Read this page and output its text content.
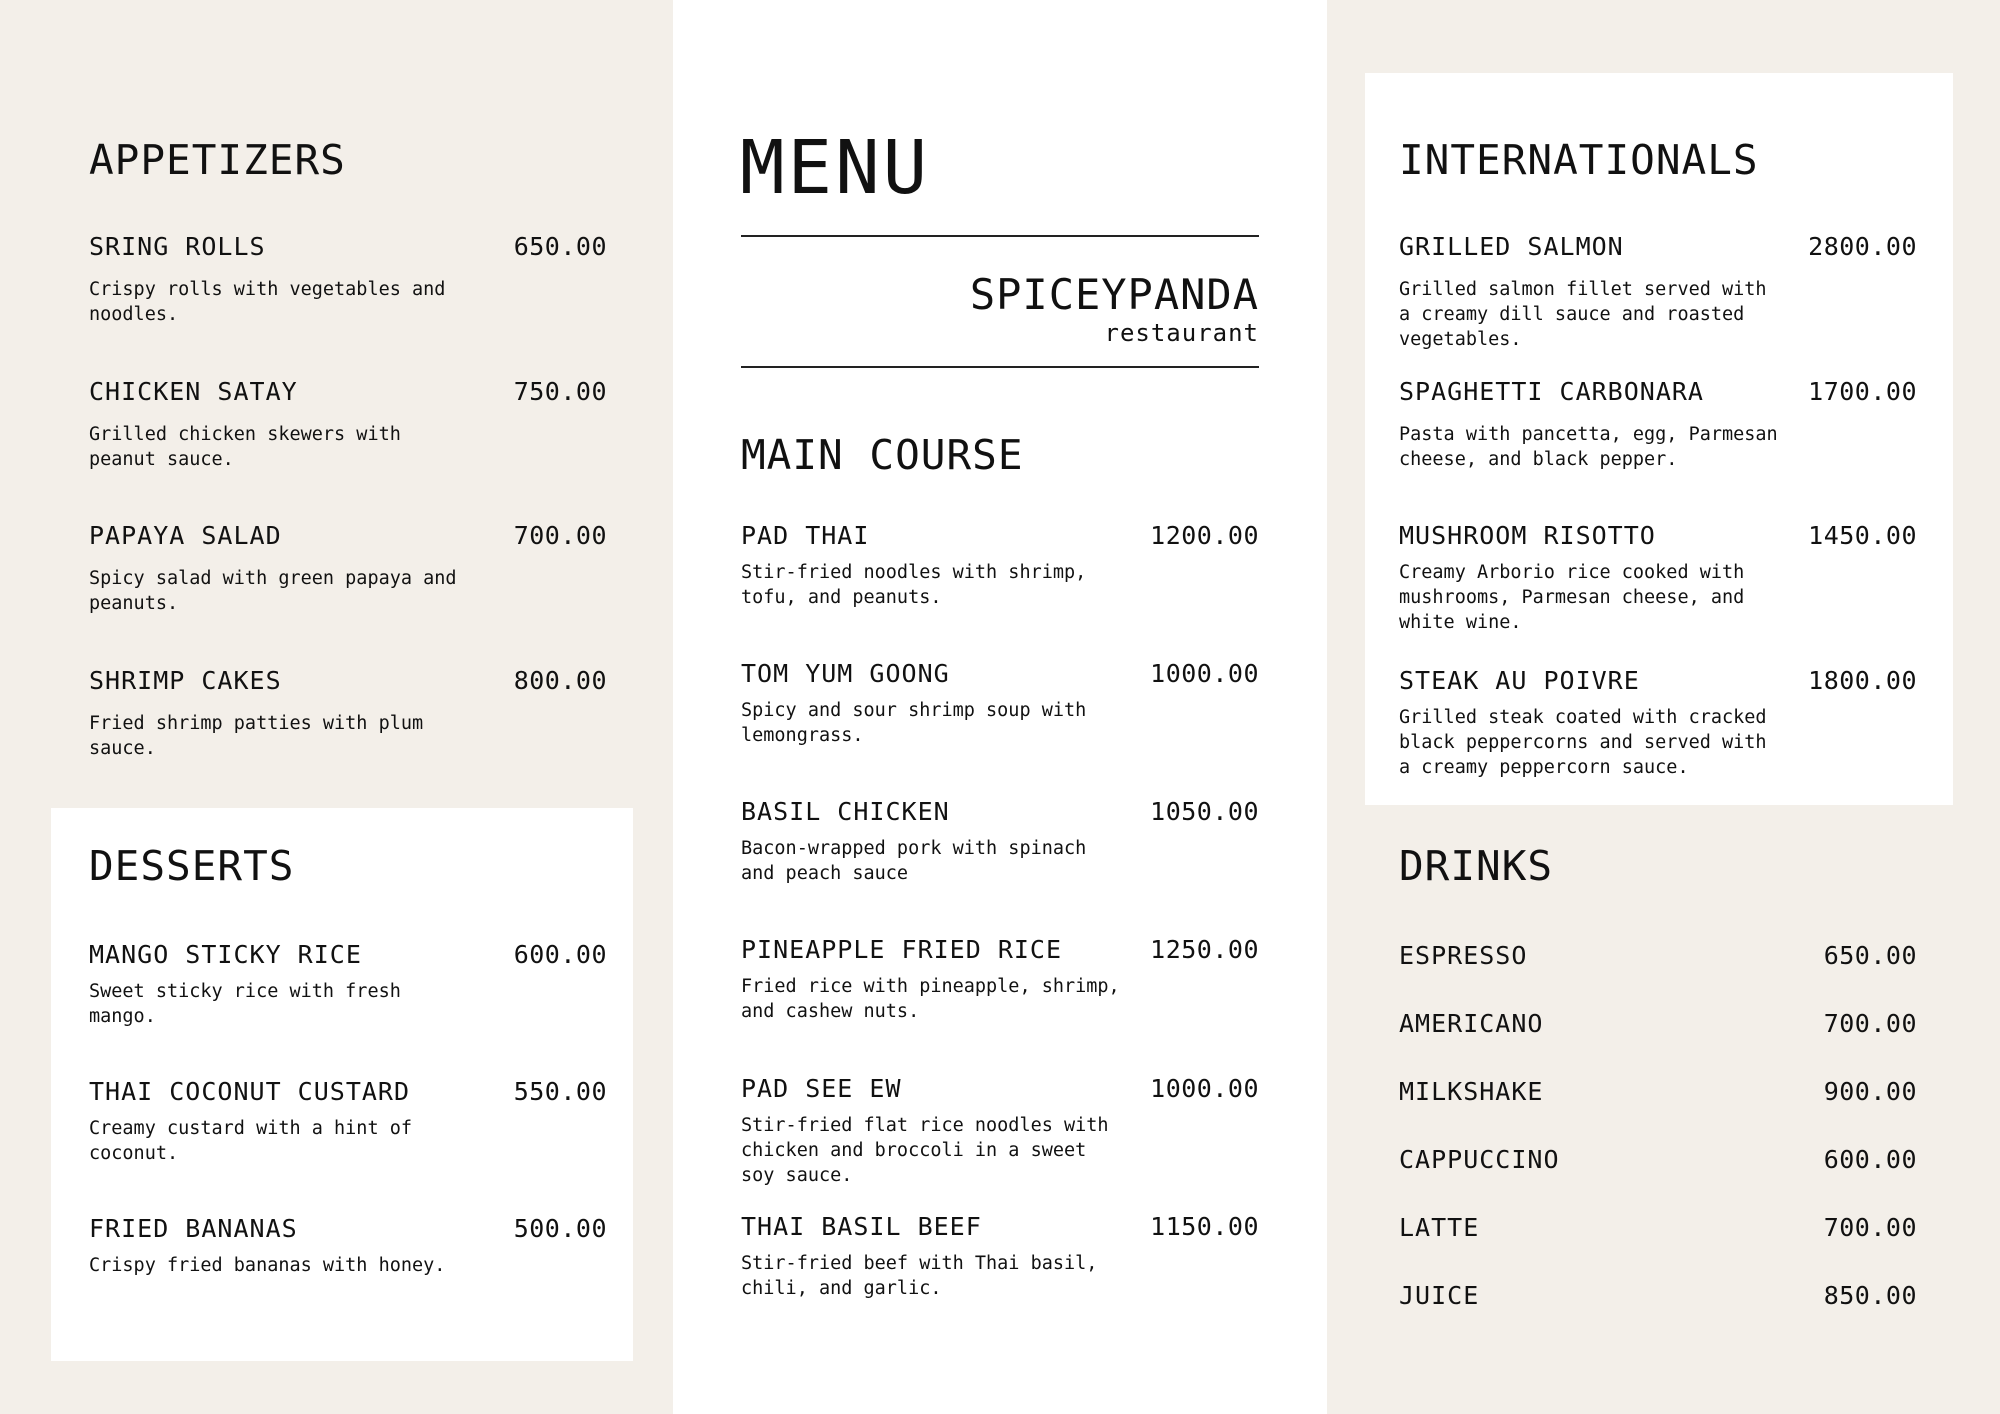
APPETIZERS
SRING ROLLS	650.00
Crispy rolls with vegetables and noodles.
CHICKEN SATAY	750.00
Grilled chicken skewers with peanut sauce.
PAPAYA SALAD	700.00
Spicy salad with green papaya and peanuts.
SHRIMP CAKES	800.00
Fried shrimp patties with plum sauce.
DESSERTS
MANGO STICKY RICE	600.00
Sweet sticky rice with fresh mango.
THAI COCONUT CUSTARD	550.00
Creamy custard with a hint of coconut.
FRIED BANANAS	500.00
Crispy fried bananas with honey.
MENU
SPICEYPANDA
restaurant
MAIN COURSE
PAD THAI	1200.00
Stir-fried noodles with shrimp, tofu, and peanuts.
TOM YUM GOONG	1000.00
Spicy and sour shrimp soup with lemongrass.
BASIL CHICKEN	1050.00
Bacon-wrapped pork with spinach and peach sauce
PINEAPPLE FRIED RICE	1250.00
Fried rice with pineapple, shrimp, and cashew nuts.
PAD SEE EW	1000.00
Stir-fried flat rice noodles with chicken and broccoli in a sweet soy sauce.
THAI BASIL BEEF	1150.00
Stir-fried beef with Thai basil, chili, and garlic.
INTERNATIONALS
GRILLED SALMON	2800.00
Grilled salmon fillet served with a creamy dill sauce and roasted vegetables.
SPAGHETTI CARBONARA	1700.00
Pasta with pancetta, egg, Parmesan cheese, and black pepper.
MUSHROOM RISOTTO	1450.00
Creamy Arborio rice cooked with mushrooms, Parmesan cheese, and white wine.
STEAK AU POIVRE	1800.00
Grilled steak coated with cracked black peppercorns and served with a creamy peppercorn sauce.
DRINKS
ESPRESSO	650.00
AMERICANO	700.00
MILKSHAKE	900.00
CAPPUCCINO	600.00
LATTE	700.00
JUICE	850.00
